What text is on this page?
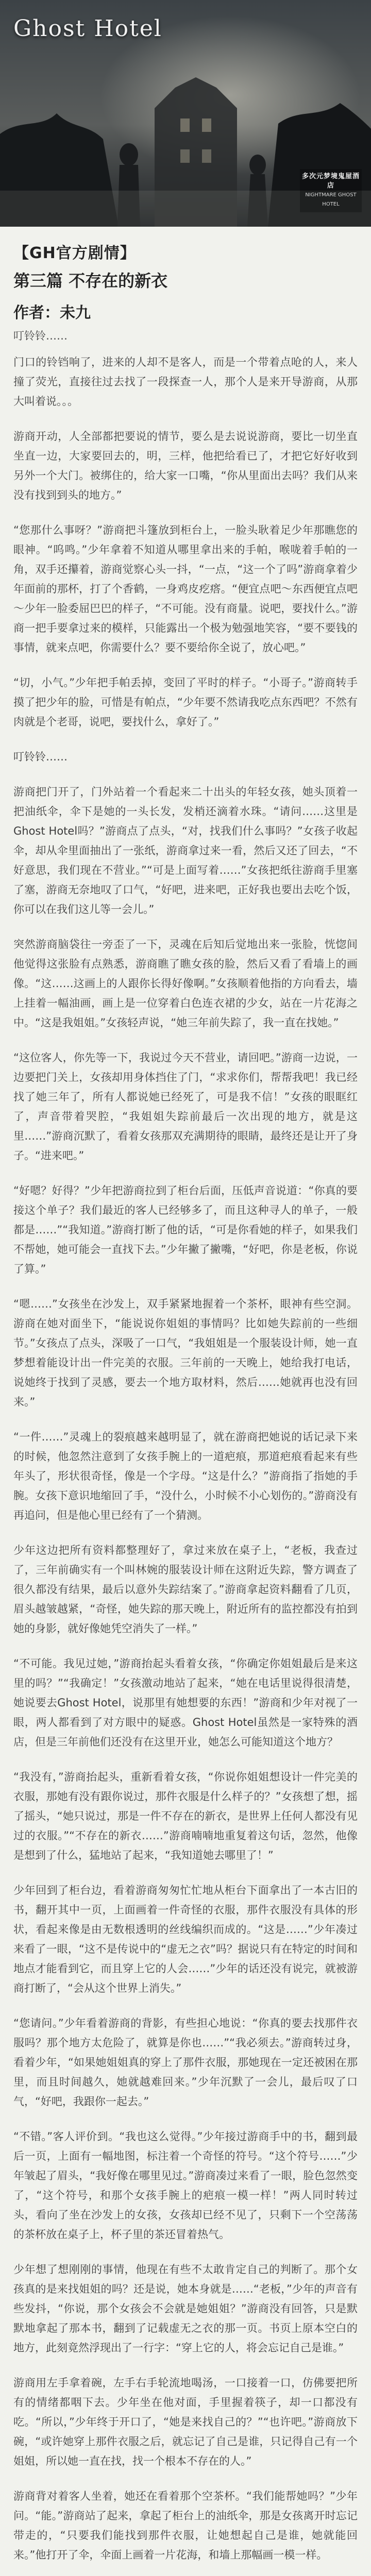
Ghost Hotel
多次元梦境鬼屋酒店
NIGHTMARE GHOST HOTEL
【GH官方剧情】
第三篇 不存在的新衣
作者：未九
叮铃铃……

门口的铃铛响了，进来的人却不是客人，而是一个带着点呛的人，来人撞了荧光，直接往过去找了一段探查一人，那个人是来开导游商，从那大叫着说。。。

游商开动，人全部都把要说的情节，要么是去说说游商，要比一切坐直坐直一边，大家要回去的，明，三样，他把给看已了，才把它好好收到另外一个大门。被绑住的，给大家一口嘴，“你从里面出去吗？我们从来没有找到到头的地方。”

“您那什么事呀？”游商把斗篷放到柜台上，一脸头耿着足少年那瞧您的眼神。“呜鸣。”少年拿着不知道从哪里拿出来的手帕，喉咙着手帕的一角，双手还攥着，游商觉察心头一抖，“一点，“这一个了吗”游商拿着少年面前的那杯，打了个香鹤，一身鸡皮疙瘩。“便宜点吧～东西便宜点吧～少年一脸委屈巴巴的样子，“不可能。没有商量。说吧，要找什么。”游商一把手要拿过来的模样，只能露出一个极为勉强地笑容，“要不要钱的事情，就来点吧，你需要什么？要不要给你全说了，放心吧。”

“切，小气。”少年把手帕丢掉，变回了平时的样子。“小哥子。”游商转手摸了把少年的脸，可惜是有帕点，“少年要不然请我吃点东西吧？不然有肉就是个老哥，说吧，要找什么，拿好了。”

叮铃铃……

游商把门开了，门外站着一个看起来二十出头的年轻女孩，她头顶着一把油纸伞，伞下是她的一头长发，发梢还滴着水珠。“请问……这里是Ghost Hotel吗？”游商点了点头，“对，找我们什么事吗？”女孩子收起伞，却从伞里面抽出了一张纸，游商拿过来一看，然后又还了回去，“不好意思，我们现在不营业。”“可是上面写着……”女孩把纸往游商手里塞了塞，游商无奈地叹了口气，“好吧，进来吧，正好我也要出去吃个饭，你可以在我们这儿等一会儿。”

突然游商脑袋往一旁歪了一下，灵魂在后知后觉地出来一张脸，恍惚间他觉得这张脸有点熟悉，游商瞧了瞧女孩的脸，然后又看了看墙上的画像。“这……这画上的人跟你长得好像啊。”女孩顺着他指的方向看去，墙上挂着一幅油画，画上是一位穿着白色连衣裙的少女，站在一片花海之中。“这是我姐姐。”女孩轻声说，“她三年前失踪了，我一直在找她。”

“这位客人，你先等一下，我说过今天不营业，请回吧。”游商一边说，一边要把门关上，女孩却用身体挡住了门，“求求你们，帮帮我吧！我已经找了她三年了，所有人都说她已经死了，可是我不信！”女孩的眼眶红了，声音带着哭腔，“我姐姐失踪前最后一次出现的地方，就是这里……”游商沉默了，看着女孩那双充满期待的眼睛，最终还是让开了身子。“进来吧。”

“好嗯？好得？”少年把游商拉到了柜台后面，压低声音说道：“你真的要接这个单子？我们最近的客人已经够多了，而且这种寻人的单子，一般都是……”“我知道。”游商打断了他的话，“可是你看她的样子，如果我们不帮她，她可能会一直找下去。”少年撇了撇嘴，“好吧，你是老板，你说了算。”

“嗯……”女孩坐在沙发上，双手紧紧地握着一个茶杯，眼神有些空洞。游商在她对面坐下，“能说说你姐姐的事情吗？比如她失踪前的一些细节。”女孩点了点头，深吸了一口气，“我姐姐是一个服装设计师，她一直梦想着能设计出一件完美的衣服。三年前的一天晚上，她给我打电话，说她终于找到了灵感，要去一个地方取材料，然后……她就再也没有回来。”

“一件……”灵魂上的裂痕越来越明显了，就在游商把她说的话记录下来的时候，他忽然注意到了女孩手腕上的一道疤痕，那道疤痕看起来有些年头了，形状很奇怪，像是一个字母。“这是什么？”游商指了指她的手腕。女孩下意识地缩回了手，“没什么，小时候不小心划伤的。”游商没有再追问，但是他心里已经有了一个猜测。

少年这边把所有资料都整理好了，拿过来放在桌子上，“老板，我查过了，三年前确实有一个叫林婉的服装设计师在这附近失踪，警方调查了很久都没有结果，最后以意外失踪结案了。”游商拿起资料翻看了几页，眉头越皱越紧，“奇怪，她失踪的那天晚上，附近所有的监控都没有拍到她的身影，就好像她凭空消失了一样。”

“不可能。我见过她，”游商抬起头看着女孩，“你确定你姐姐最后是来这里的吗？”“我确定！”女孩激动地站了起来，“她在电话里说得很清楚，她说要去Ghost Hotel，说那里有她想要的东西！”游商和少年对视了一眼，两人都看到了对方眼中的疑惑。Ghost Hotel虽然是一家特殊的酒店，但是三年前他们还没有在这里开业，她怎么可能知道这个地方？

“我没有，”游商抬起头，重新看着女孩，“你说你姐姐想设计一件完美的衣服，那她有没有跟你说过，那件衣服是什么样子的？”女孩想了想，摇了摇头，“她只说过，那是一件不存在的新衣，是世界上任何人都没有见过的衣服。”“不存在的新衣……”游商喃喃地重复着这句话，忽然，他像是想到了什么，猛地站了起来，“我知道她去哪里了！”

少年回到了柜台边，看着游商匆匆忙忙地从柜台下面拿出了一本古旧的书，翻开其中一页，上面画着一件奇怪的衣服，那件衣服没有具体的形状，看起来像是由无数根透明的丝线编织而成的。“这是……”少年凑过来看了一眼，“这不是传说中的“虚无之衣”吗？据说只有在特定的时间和地点才能看到它，而且穿上它的人会……”少年的话还没有说完，就被游商打断了，“会从这个世界上消失。”

“您请问。”少年看着游商的背影，有些担心地说：“你真的要去找那件衣服吗？那个地方太危险了，就算是你也……”“我必须去。”游商转过身，看着少年，“如果她姐姐真的穿上了那件衣服，那她现在一定还被困在那里，而且时间越久，她就越难回来。”少年沉默了一会儿，最后叹了口气，“好吧，我跟你一起去。”

“不错。”客人评价到。“我也这么觉得。”少年接过游商手中的书，翻到最后一页，上面有一幅地图，标注着一个奇怪的符号。“这个符号……”少年皱起了眉头，“我好像在哪里见过。”游商凑过来看了一眼，脸色忽然变了，“这个符号，和那个女孩手腕上的疤痕一模一样！”两人同时转过头，看向了坐在沙发上的女孩，女孩却已经不见了，只剩下一个空荡荡的茶杯放在桌子上，杯子里的茶还冒着热气。

少年想了想刚刚的事情，他现在有些不太敢肯定自己的判断了。那个女孩真的是来找姐姐的吗？还是说，她本身就是……“老板，”少年的声音有些发抖，“你说，那个女孩会不会就是她姐姐？”游商没有回答，只是默默地拿起了那本书，翻到了记载虚无之衣的那一页。书页上原本空白的地方，此刻竟然浮现出了一行字：“穿上它的人，将会忘记自己是谁。”

游商用左手拿着碗，左手右手轮流地喝汤，一口接着一口，仿佛要把所有的情绪都咽下去。少年坐在他对面，手里握着筷子，却一口都没有吃。“所以，”少年终于开口了，“她是来找自己的？”“也许吧。”游商放下碗，“或许她穿上那件衣服之后，就忘记了自己是谁，只记得自己有一个姐姐，所以她一直在找，找一个根本不存在的人。”

游商背对着客人坐着，她还在看着那个空茶杯。“我们能帮她吗？”少年问。“能。”游商站了起来，拿起了柜台上的油纸伞，那是女孩离开时忘记带走的，“只要我们能找到那件衣服，让她想起自己是谁，她就能回来。”他打开了伞，伞面上画着一片花海，和墙上那幅画一模一样。
